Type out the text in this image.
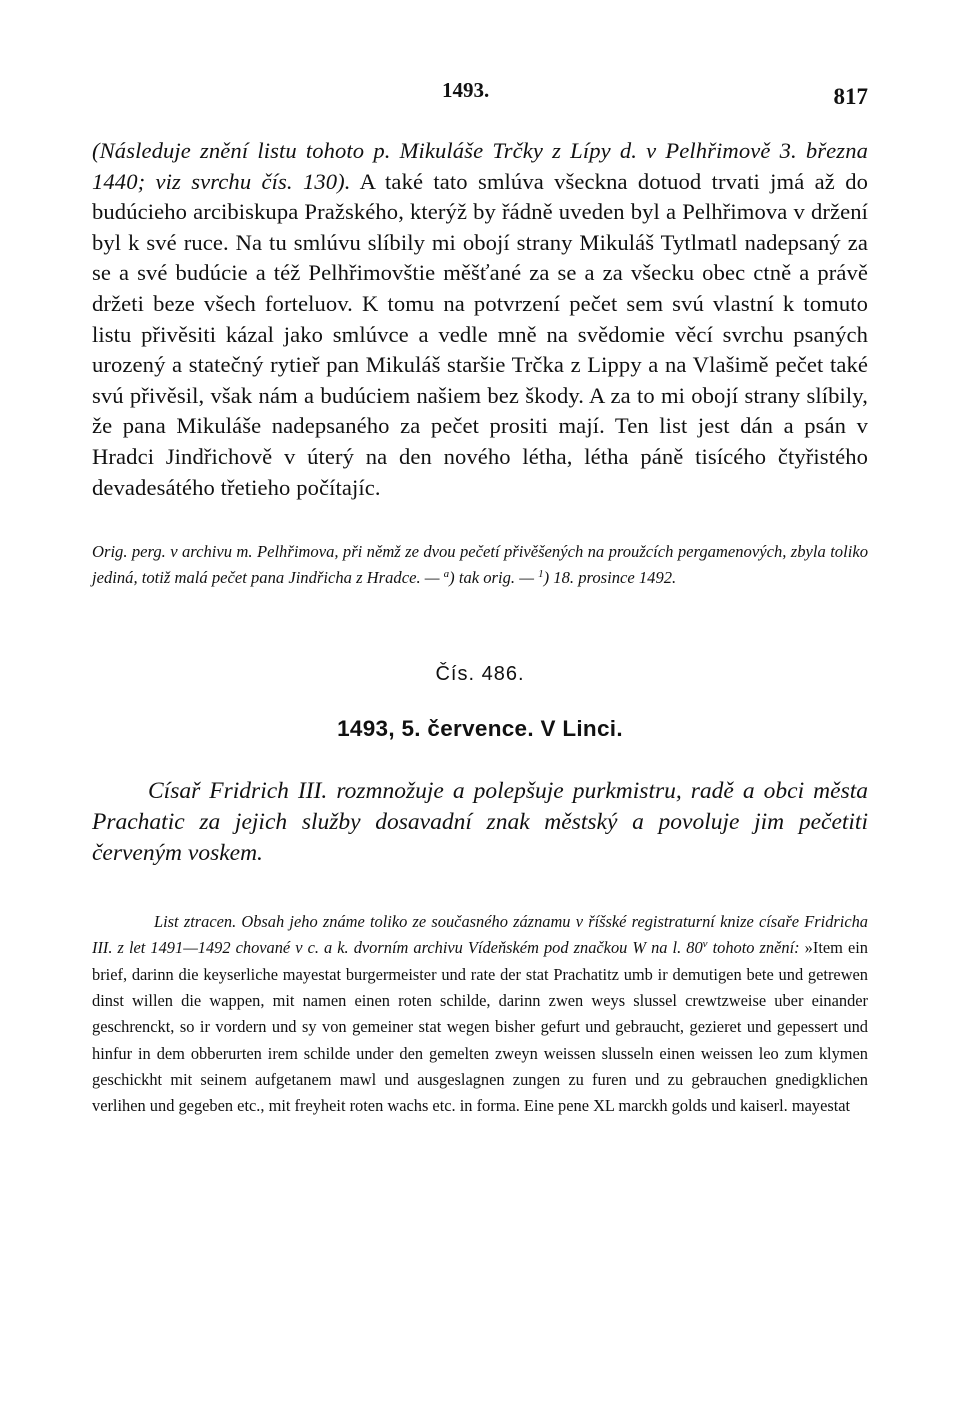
1493.	817
(Následuje znění listu tohoto p. Mikuláše Trčky z Lípy d. v Pelhřimově 3. března 1440; viz svrchu čís. 130). A také tato smlúva všeckna dotuod trvati jmá až do budúcieho arcibiskupa Pražského, kterýž by řádně uveden byl a Pelhřimova v držení byl k své ruce. Na tu smlúvu slíbily mi obojí strany Mikuláš Tytlmatl nadepsaný za se a své budúcie a též Pelhřimovštie měšťané za se a za všecku obec ctně a právě držeti beze všech forteluov. K tomu na potvrzení pečet sem svú vlastní k tomuto listu přivěsiti kázal jako smlúvce a vedle mně na svědomie věcí svrchu psaných urozený a statečný rytieř pan Mikuláš staršie Trčka z Lippy a na Vlašimě pečet také svú přivěsil, však nám a budúciem našiem bez škody. A za to mi obojí strany slíbily, že pana Mikuláše nadepsaného za pečet prositi mají. Ten list jest dán a psán v Hradci Jindřichově v úterý na den nového létha, létha páně tisícého čtyřistého devadesátého třetieho počítajíc.
Orig. perg. v archivu m. Pelhřimova, při němž ze dvou pečetí přivěšených na proužcích pergamenových, zbyla toliko jediná, totiž malá pečet pana Jindřicha z Hradce. — $^a$) tak orig. — $^1$) 18. prosince 1492.
Čís. 486.
1493, 5. července. V Linci.
Císař Fridrich III. rozmnožuje a polepšuje purkmistru, radě a obci města Prachatic za jejich služby dosavadní znak městský a povoluje jim pečetiti červeným voskem.
List ztracen. Obsah jeho známe toliko ze současného záznamu v říšské registraturní knize císaře Fridricha III. z let 1491—1492 chované v c. a k. dvorním archivu Vídeňském pod značkou W na l. 80$^v$ tohoto znění: »Item ein brief, darinn die keyserliche mayestat burgermeister und rate der stat Prachatitz umb ir demutigen bete und getrewen dinst willen die wappen, mit namen einen roten schilde, darinn zwen weys slussel crewtzweise uber einander geschrenckt, so ir vordern und sy von gemeiner stat wegen bisher gefurt und gebraucht, gezieret und gepessert und hinfur in dem obberurten irem schilde under den gemelten zweyn weissen slusseln einen weissen leo zum klymen geschickht mit seinem aufgetanem mawl und ausgeslagnen zungen zu furen und zu gebrauchen gnedigklichen verlihen und gegeben etc., mit freyheit roten wachs etc. in forma. Eine pene XL marckh golds und kaiserl. mayestat
